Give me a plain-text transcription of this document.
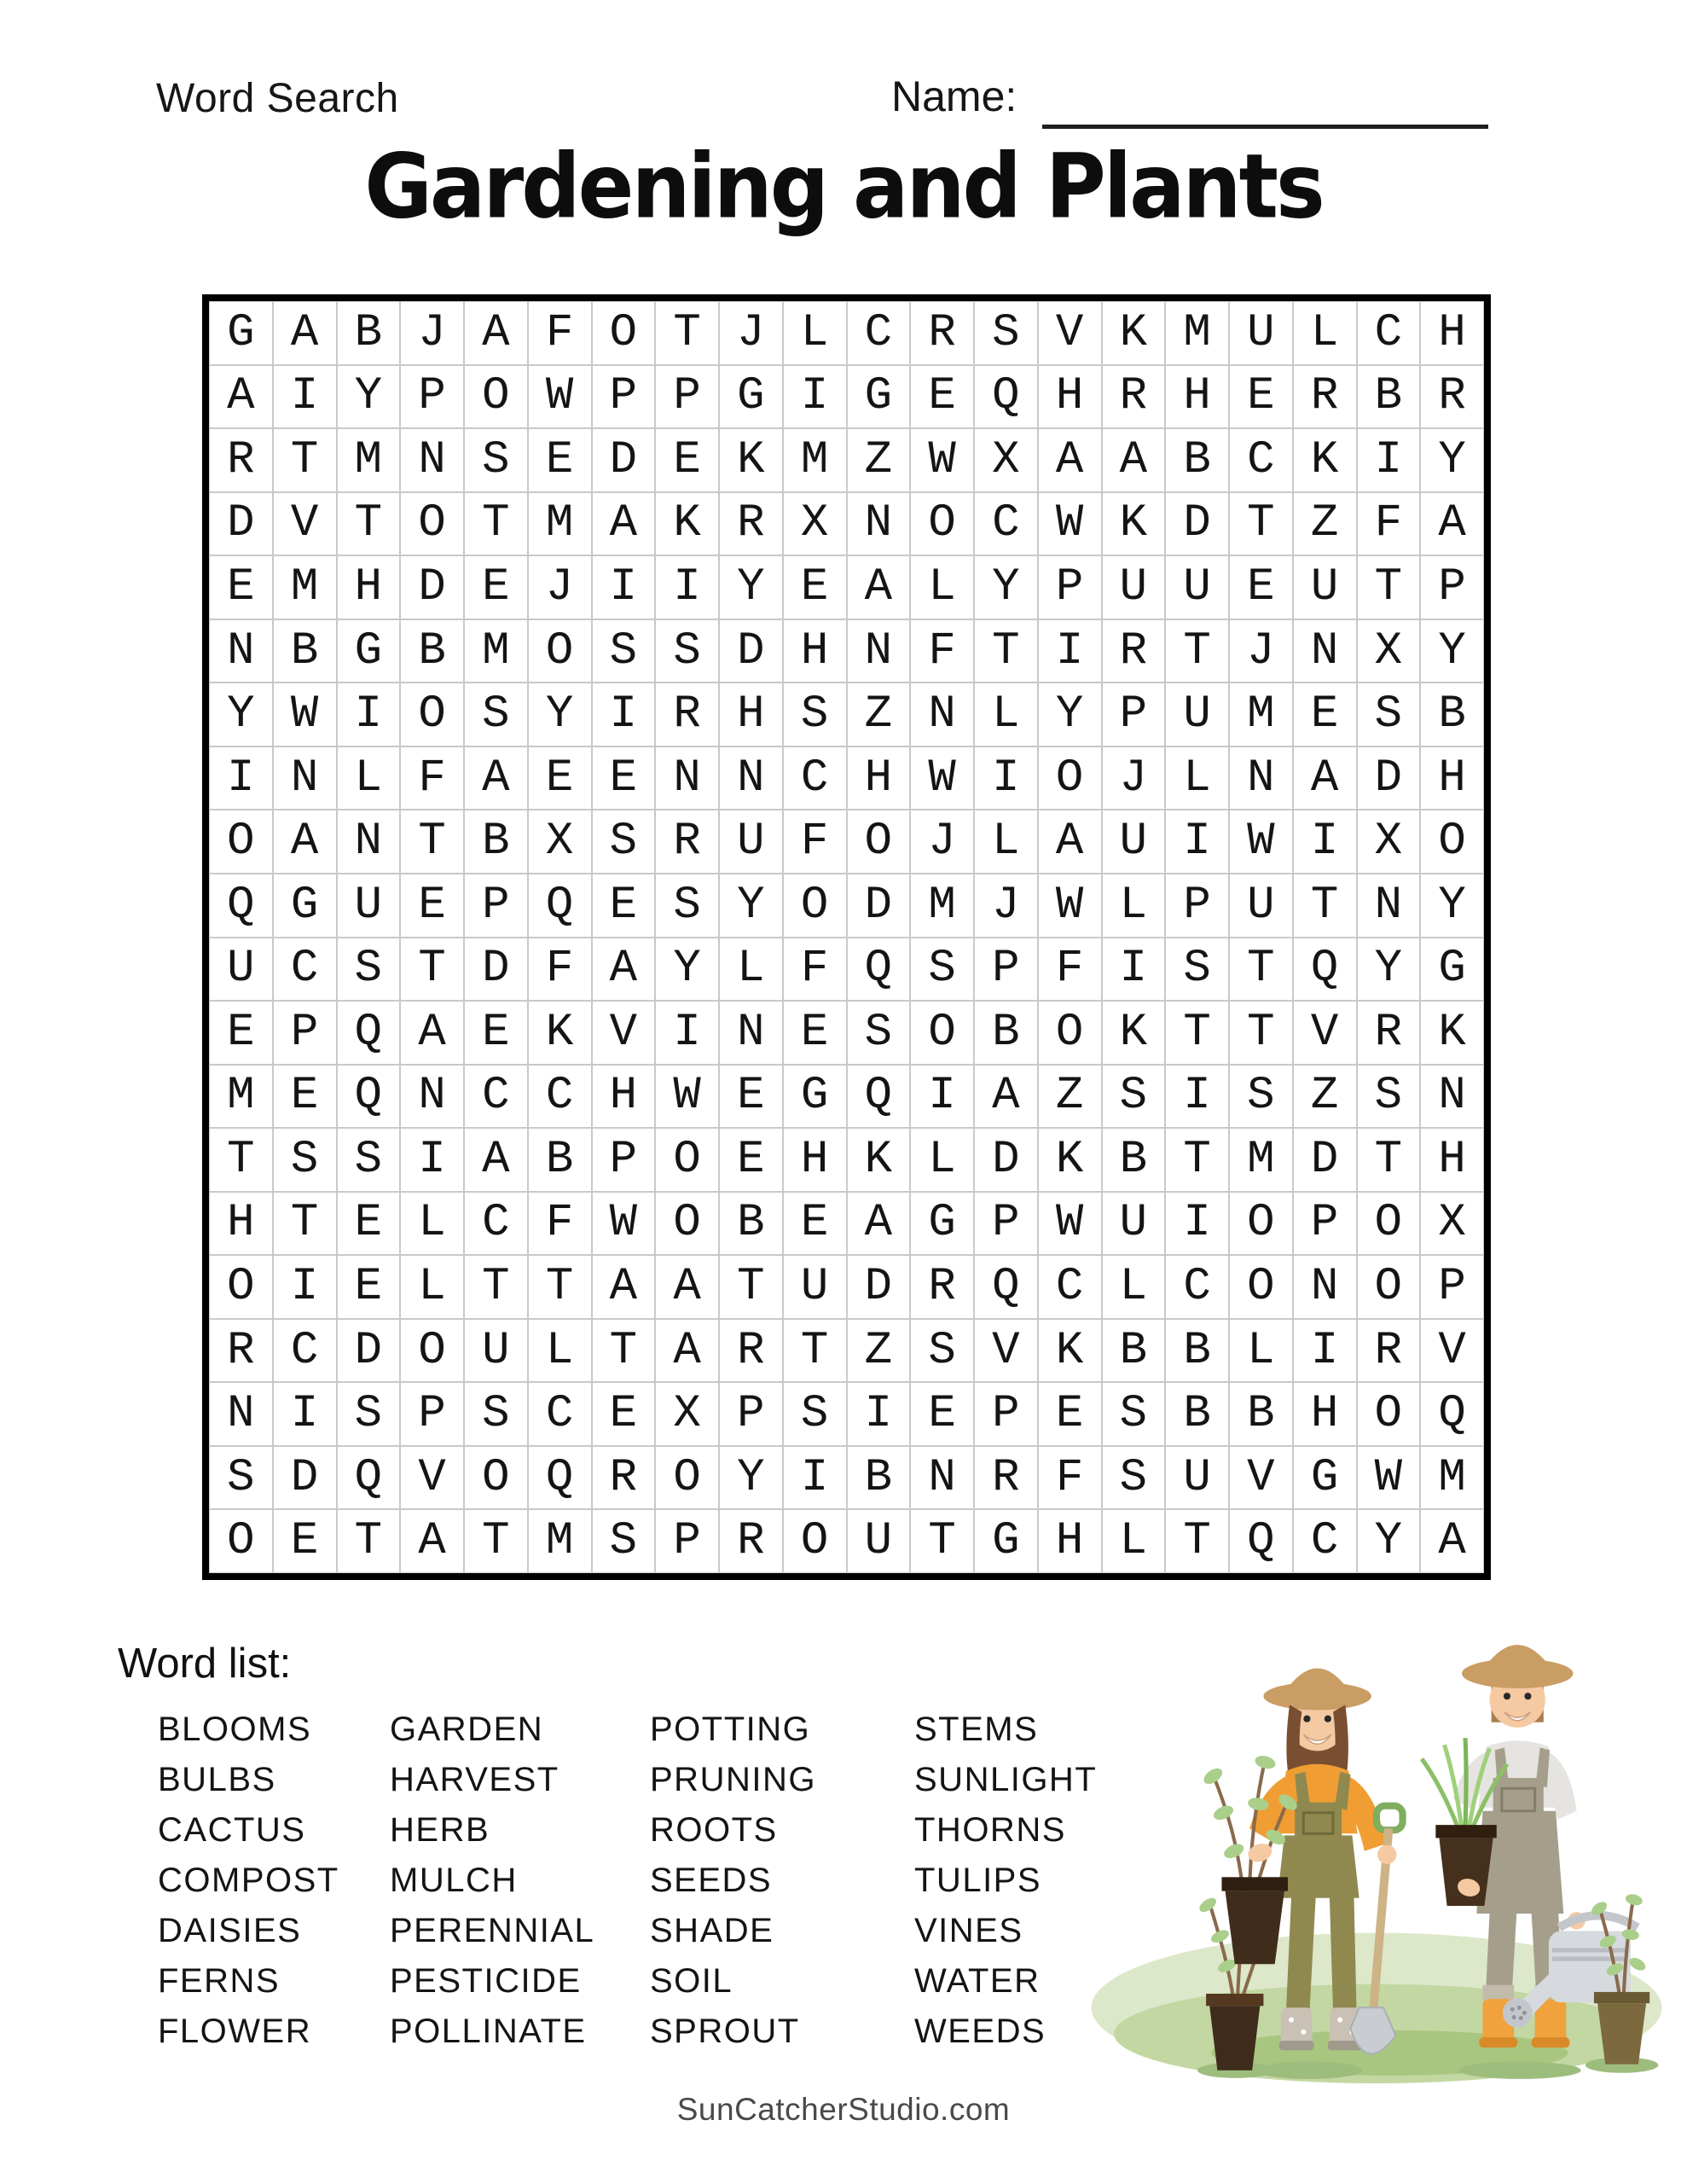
Word Search	Name:
Gardening and Plants
G A B J A F O T J L C R S V K M U L C H
A I Y P O W P P G I G E Q H R H E R B R
R T M N S E D E K M Z W X A A B C K I Y
D V T O T M A K R X N O C W K D T Z F A
E M H D E J I I Y E A L Y P U U E U T P
N B G B M O S S D H N F T I R T J N X Y
Y W I O S Y I R H S Z N L Y P U M E S B
I N L F A E E N N C H W I O J L N A D H
O A N T B X S R U F O J L A U I W I X O
Q G U E P Q E S Y O D M J W L P U T N Y
U C S T D F A Y L F Q S P F I S T Q Y G
E P Q A E K V I N E S O B O K T T V R K
M E Q N C C H W E G Q I A Z S I S Z S N
T S S I A B P O E H K L D K B T M D T H
H T E L C F W O B E A G P W U I O P O X
O I E L T T A A T U D R Q C L C O N O P
R C D O U L T A R T Z S V K B B L I R V
N I S P S C E X P S I E P E S B B H O Q
S D Q V O Q R O Y I B N R F S U V G W M
O E T A T M S P R O U T G H L T Q C Y A
Word list:
BLOOMS
BULBS
CACTUS
COMPOST
DAISIES
FERNS
FLOWER
GARDEN
HARVEST
HERB
MULCH
PERENNIAL
PESTICIDE
POLLINATE
POTTING
PRUNING
ROOTS
SEEDS
SHADE
SOIL
SPROUT
STEMS
SUNLIGHT
THORNS
TULIPS
VINES
WATER
WEEDS
SunCatcherStudio.com
